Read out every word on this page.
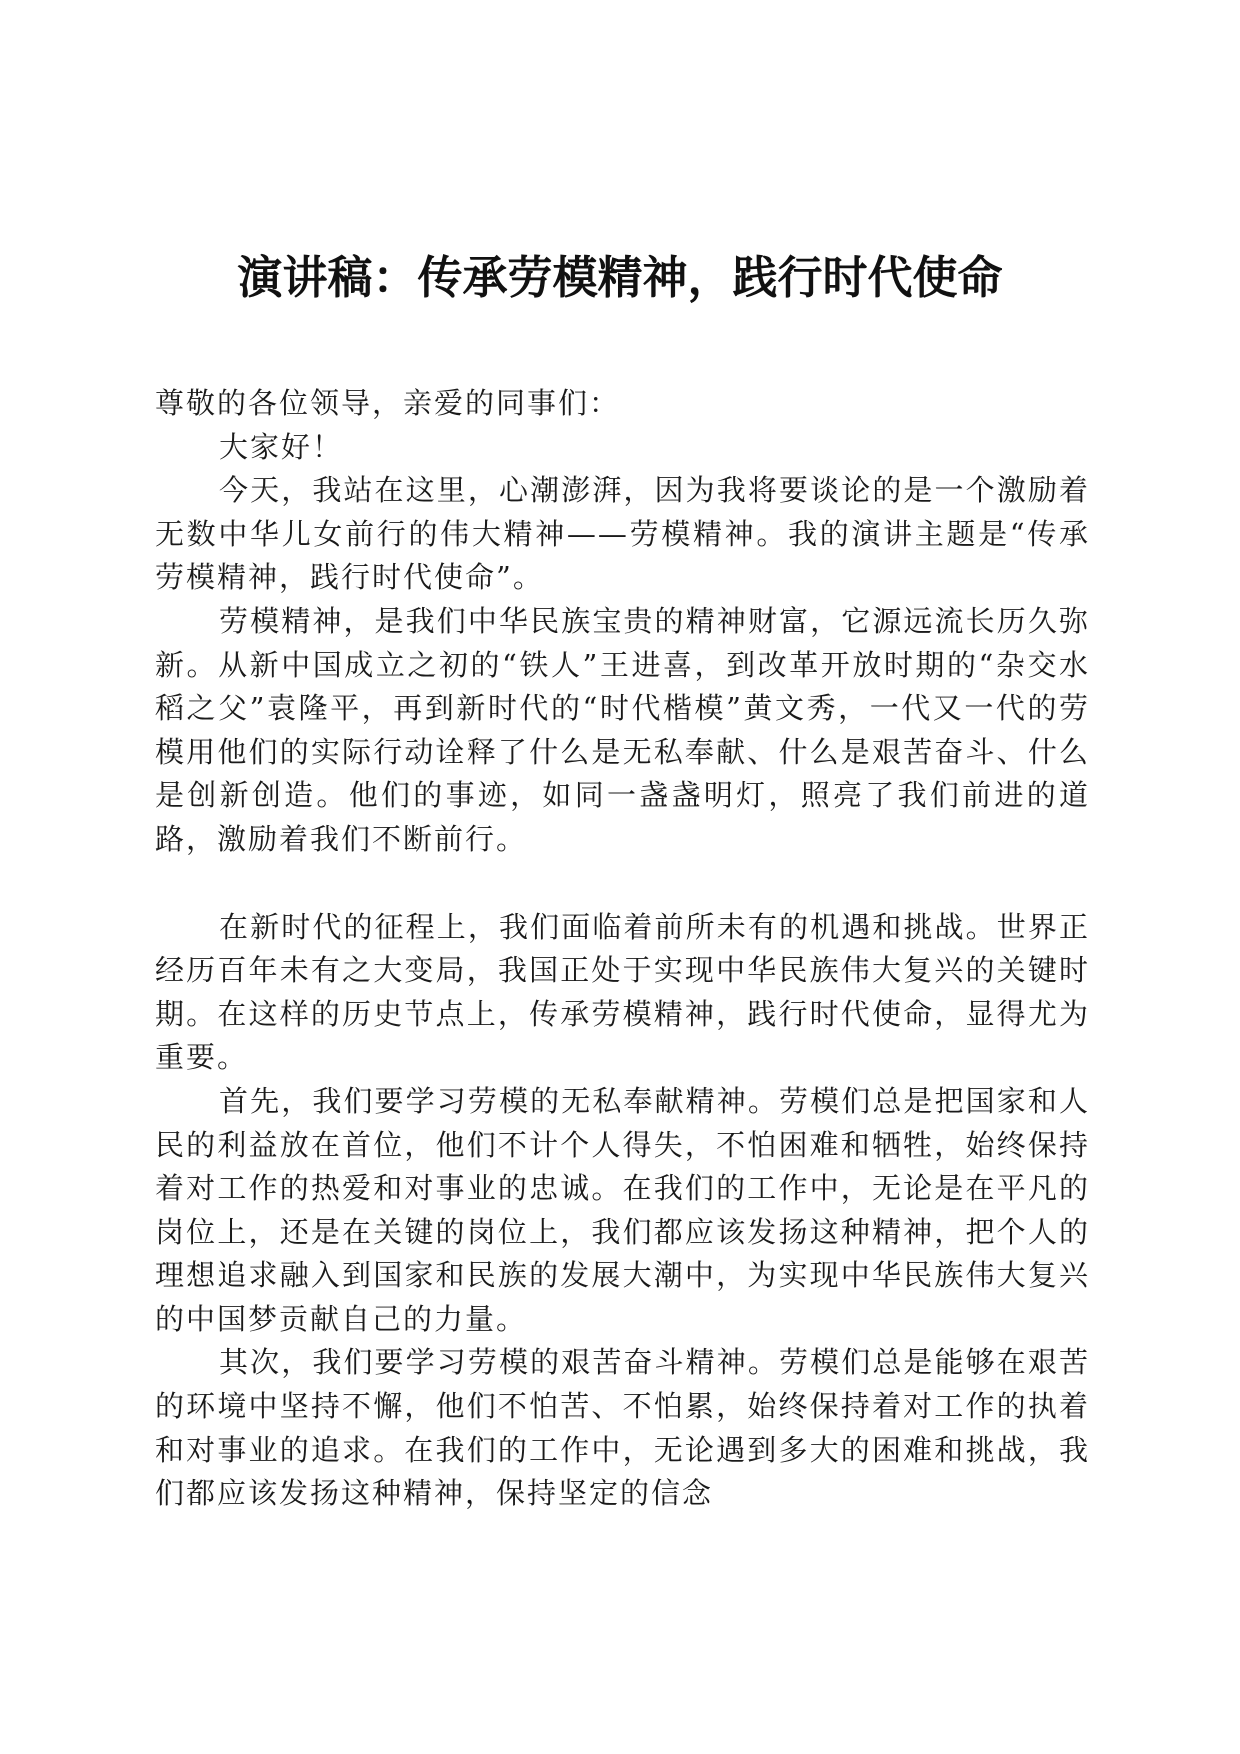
演讲稿：传承劳模精神，践行时代使命

尊敬的各位领导，亲爱的同事们：

大家好！

今天，我站在这里，心潮澎湃，因为我将要谈论的是一个激励着无数中华儿女前行的伟大精神——劳模精神。我的演讲主题是“传承劳模精神，践行时代使命”。

劳模精神，是我们中华民族宝贵的精神财富，它源远流长历久弥新。从新中国成立之初的“铁人”王进喜，到改革开放时期的“杂交水稻之父”袁隆平，再到新时代的“时代楷模”黄文秀，一代又一代的劳模用他们的实际行动诠释了什么是无私奉献、什么是艰苦奋斗、什么是创新创造。他们的事迹，如同一盏盏明灯，照亮了我们前进的道路，激励着我们不断前行。

在新时代的征程上，我们面临着前所未有的机遇和挑战。世界正经历百年未有之大变局，我国正处于实现中华民族伟大复兴的关键时期。在这样的历史节点上，传承劳模精神，践行时代使命，显得尤为重要。

首先，我们要学习劳模的无私奉献精神。劳模们总是把国家和人民的利益放在首位，他们不计个人得失，不怕困难和牺牲，始终保持着对工作的热爱和对事业的忠诚。在我们的工作中，无论是在平凡的岗位上，还是在关键的岗位上，我们都应该发扬这种精神，把个人的理想追求融入到国家和民族的发展大潮中，为实现中华民族伟大复兴的中国梦贡献自己的力量。

其次，我们要学习劳模的艰苦奋斗精神。劳模们总是能够在艰苦的环境中坚持不懈，他们不怕苦、不怕累，始终保持着对工作的执着和对事业的追求。在我们的工作中，无论遇到多大的困难和挑战，我们都应该发扬这种精神，保持坚定的信念
